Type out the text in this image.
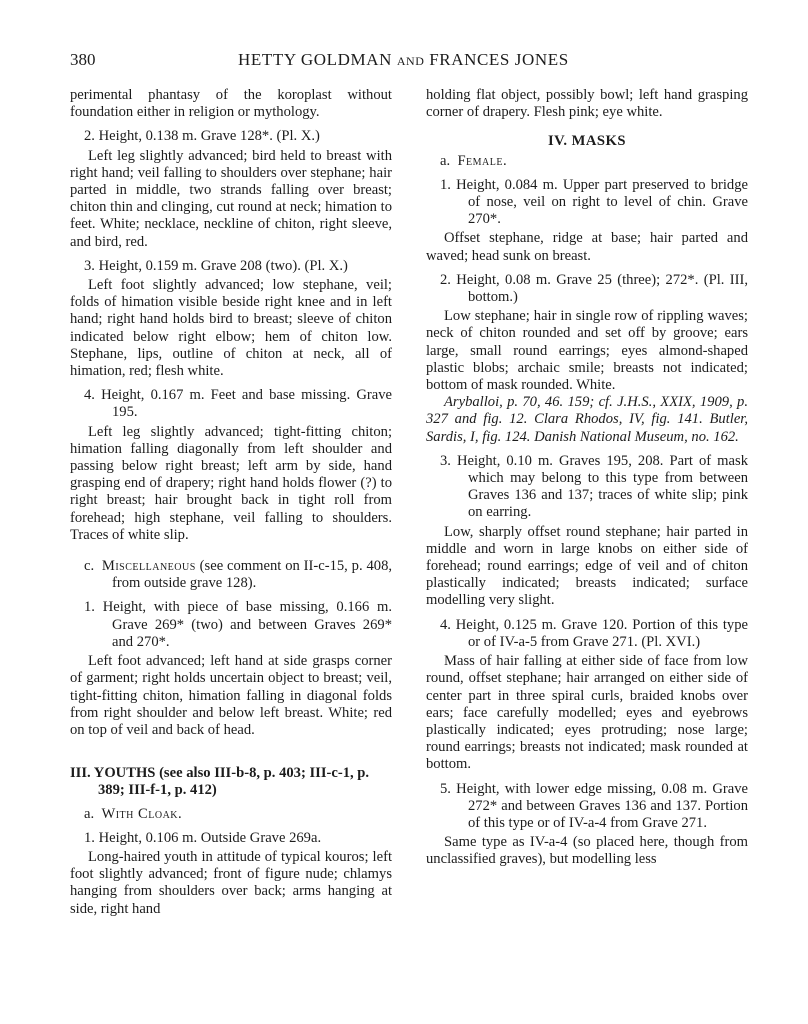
380	HETTY GOLDMAN AND FRANCES JONES

perimental phantasy of the koroplast without foundation either in religion or mythology.

2. Height, 0.138 m. Grave 128*. (Pl. X.)

Left leg slightly advanced; bird held to breast with right hand; veil falling to shoulders over stephane; hair parted in middle, two strands falling over breast; chiton thin and clinging, cut round at neck; himation to feet. White; necklace, neckline of chiton, right sleeve, and bird, red.

3. Height, 0.159 m. Grave 208 (two). (Pl. X.)

Left foot slightly advanced; low stephane, veil; folds of himation visible beside right knee and in left hand; right hand holds bird to breast; sleeve of chiton indicated below right elbow; hem of chiton low. Stephane, lips, outline of chiton at neck, all of himation, red; flesh white.

4. Height, 0.167 m. Feet and base missing. Grave 195.

Left leg slightly advanced; tight-fitting chiton; himation falling diagonally from left shoulder and passing below right breast; left arm by side, hand grasping end of drapery; right hand holds flower (?) to right breast; hair brought back in tight roll from forehead; high stephane, veil falling to shoulders. Traces of white slip.

c. Miscellaneous (see comment on II-c-15, p. 408, from outside grave 128).

1. Height, with piece of base missing, 0.166 m. Grave 269* (two) and between Graves 269* and 270*.

Left foot advanced; left hand at side grasps corner of garment; right holds uncertain object to breast; veil, tight-fitting chiton, himation falling in diagonal folds from right shoulder and below left breast. White; red on top of veil and back of head.

III. YOUTHS (see also III-b-8, p. 403; III-c-1, p. 389; III-f-1, p. 412)

a. With Cloak.

1. Height, 0.106 m. Outside Grave 269a.

Long-haired youth in attitude of typical kouros; left foot slightly advanced; front of figure nude; chlamys hanging from shoulders over back; arms hanging at side, right hand

holding flat object, possibly bowl; left hand grasping corner of drapery. Flesh pink; eye white.

IV. MASKS

a. Female.

1. Height, 0.084 m. Upper part preserved to bridge of nose, veil on right to level of chin. Grave 270*.

Offset stephane, ridge at base; hair parted and waved; head sunk on breast.

2. Height, 0.08 m. Grave 25 (three); 272*. (Pl. III, bottom.)

Low stephane; hair in single row of rippling waves; neck of chiton rounded and set off by groove; ears large, small round earrings; eyes almond-shaped plastic blobs; archaic smile; breasts not indicated; bottom of mask rounded. White.

Aryballoi, p. 70, 46. 159; cf. J.H.S., XXIX, 1909, p. 327 and fig. 12. Clara Rhodos, IV, fig. 141. Butler, Sardis, I, fig. 124. Danish National Museum, no. 162.

3. Height, 0.10 m. Graves 195, 208. Part of mask which may belong to this type from between Graves 136 and 137; traces of white slip; pink on earring.

Low, sharply offset round stephane; hair parted in middle and worn in large knobs on either side of forehead; round earrings; edge of veil and of chiton plastically indicated; breasts indicated; surface modelling very slight.

4. Height, 0.125 m. Grave 120. Portion of this type or of IV-a-5 from Grave 271. (Pl. XVI.)

Mass of hair falling at either side of face from low round, offset stephane; hair arranged on either side of center part in three spiral curls, braided knobs over ears; face carefully modelled; eyes and eyebrows plastically indicated; eyes protruding; nose large; round earrings; breasts not indicated; mask rounded at bottom.

5. Height, with lower edge missing, 0.08 m. Grave 272* and between Graves 136 and 137. Portion of this type or of IV-a-4 from Grave 271.

Same type as IV-a-4 (so placed here, though from unclassified graves), but modelling less
